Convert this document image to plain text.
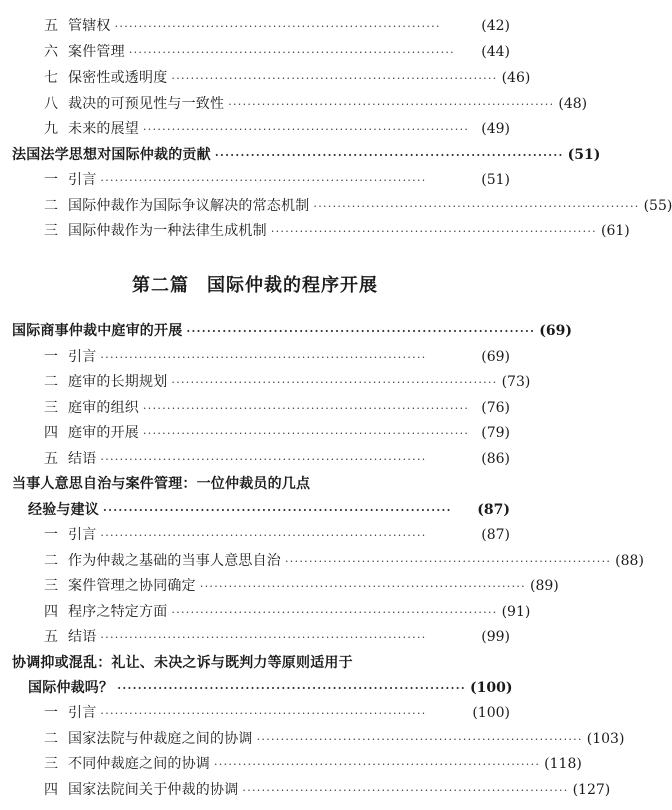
五 管辖权 ····································································	(42)
六 案件管理 ····································································	(44)
七 保密性或透明度 ···································································· (46)
八 裁决的可预见性与一致性 ···································································· (48)
九 未来的展望 ···································································· (49)
法国法学思想对国际仲裁的贡献 ···································································· (51)
一 引言 ····································································	(51)
二 国际仲裁作为国际争议解决的常态机制 ···································································· (55)
三 国际仲裁作为一种法律生成机制 ···································································· (61)
第二篇 国际仲裁的程序开展
国际商事仲裁中庭审的开展 ···································································· (69)
一 引言 ····································································	(69)
二 庭审的长期规划 ···································································· (73)
三 庭审的组织 ···································································· (76)
四 庭审的开展 ···································································· (79)
五 结语 ····································································	(86)
当事人意思自治与案件管理：一位仲裁员的几点
经验与建议 ····································································	(87)
一 引言 ····································································	(87)
二 作为仲裁之基础的当事人意思自治 ···································································· (88)
三 案件管理之协同确定 ···································································· (89)
四 程序之特定方面 ···································································· (91)
五 结语 ····································································	(99)
协调抑或混乱：礼让、未决之诉与既判力等原则适用于
国际仲裁吗？ ···································································· (100)
一 引言 ····································································	(100)
二 国家法院与仲裁庭之间的协调 ···································································· (103)
三 不同仲裁庭之间的协调 ···································································· (118)
四 国家法院间关于仲裁的协调 ···································································· (127)
